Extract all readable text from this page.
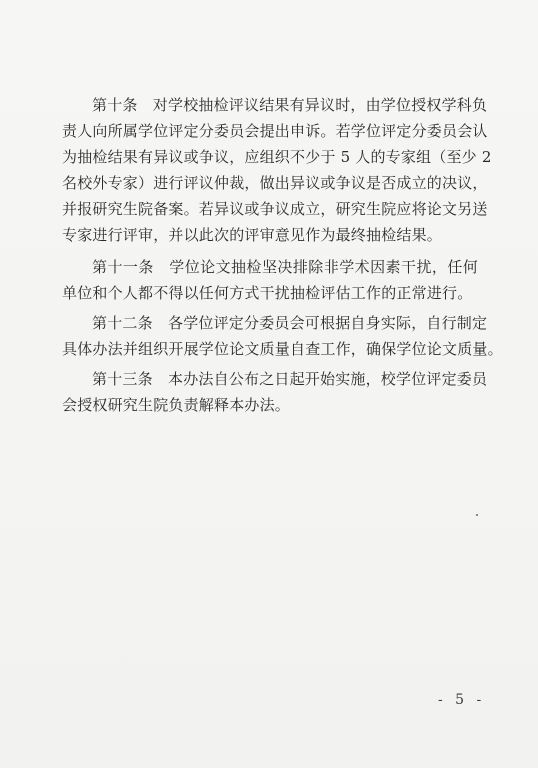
第十条　对学校抽检评议结果有异议时，由学位授权学科负
责人向所属学位评定分委员会提出申诉。若学位评定分委员会认
为抽检结果有异议或争议，应组织不少于 5 人的专家组（至少 2
名校外专家）进行评议仲裁，做出异议或争议是否成立的决议，
并报研究生院备案。若异议或争议成立，研究生院应将论文另送
专家进行评审，并以此次的评审意见作为最终抽检结果。
第十一条　学位论文抽检坚决排除非学术因素干扰，任何
单位和个人都不得以任何方式干扰抽检评估工作的正常进行。
第十二条　各学位评定分委员会可根据自身实际，自行制定
具体办法并组织开展学位论文质量自查工作，确保学位论文质量。
第十三条　本办法自公布之日起开始实施，校学位评定委员
会授权研究生院负责解释本办法。
- 5 -
